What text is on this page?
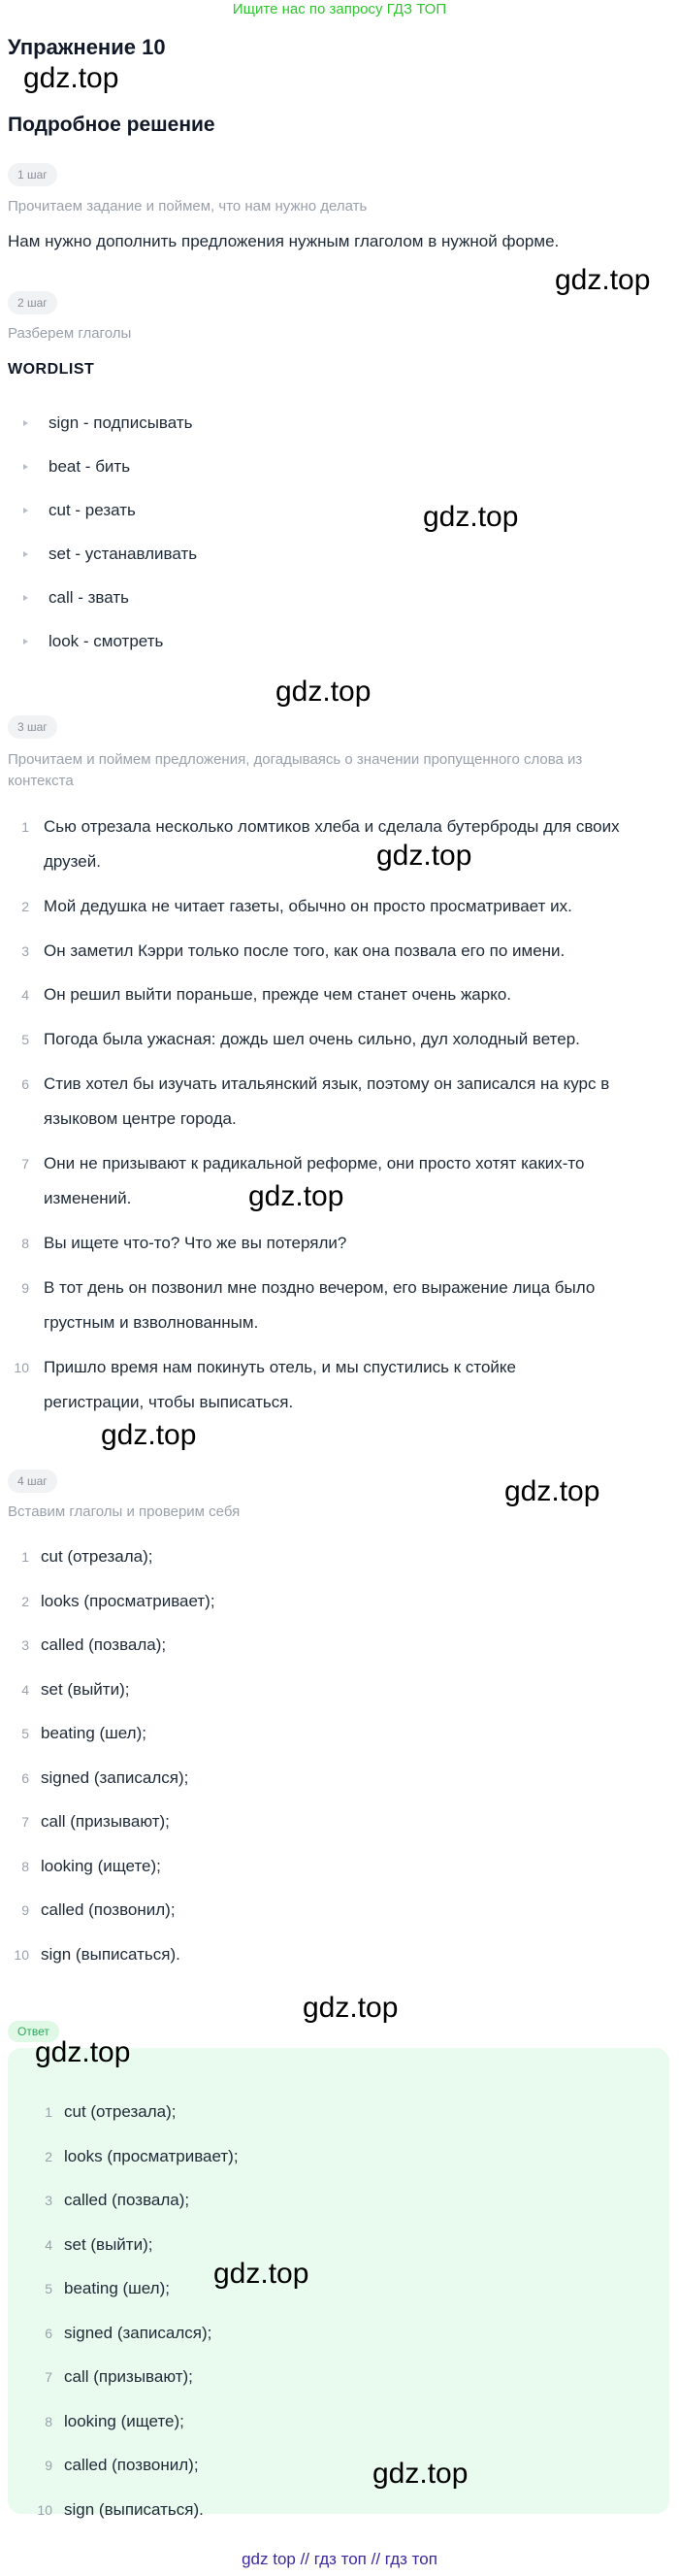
Ищите нас по запросу ГДЗ ТОП
Упражнение 10
gdz.top
Подробное решение
1 шаг
Прочитаем задание и поймем, что нам нужно делать
Нам нужно дополнить предложения нужным глаголом в нужной форме.
gdz.top
2 шаг
Разберем глаголы
WORDLIST
sign - подписывать
beat - бить
cut - резать
set - устанавливать
call - звать
look - смотреть
gdz.top
gdz.top
3 шаг
Прочитаем и поймем предложения, догадываясь о значении пропущенного слова из
контекста
1 Сью отрезала несколько ломтиков хлеба и сделала бутерброды для своих
друзей.
2 Мой дедушка не читает газеты, обычно он просто просматривает их.
3 Он заметил Кэрри только после того, как она позвала его по имени.
4 Он решил выйти пораньше, прежде чем станет очень жарко.
5 Погода была ужасная: дождь шел очень сильно, дул холодный ветер.
6 Стив хотел бы изучать итальянский язык, поэтому он записался на курс в
языковом центре города.
7 Они не призывают к радикальной реформе, они просто хотят каких-то
изменений.
8 Вы ищете что-то? Что же вы потеряли?
9 В тот день он позвонил мне поздно вечером, его выражение лица было
грустным и взволнованным.
10 Пришло время нам покинуть отель, и мы спустились к стойке
регистрации, чтобы выписаться.
gdz.top
gdz.top
gdz.top
gdz.top
4 шаг
Вставим глаголы и проверим себя
1 cut (отрезала);
2 looks (просматривает);
3 called (позвала);
4 set (выйти);
5 beating (шел);
6 signed (записался);
7 call (призывают);
8 looking (ищете);
9 called (позвонил);
10 sign (выписаться).
gdz.top
Ответ
1 cut (отрезала);
2 looks (просматривает);
3 called (позвала);
4 set (выйти);
5 beating (шел);
6 signed (записался);
7 call (призывают);
8 looking (ищете);
9 called (позвонил);
10 sign (выписаться).
gdz.top
gdz.top
gdz.top
gdz top // гдз топ // гдз топ
